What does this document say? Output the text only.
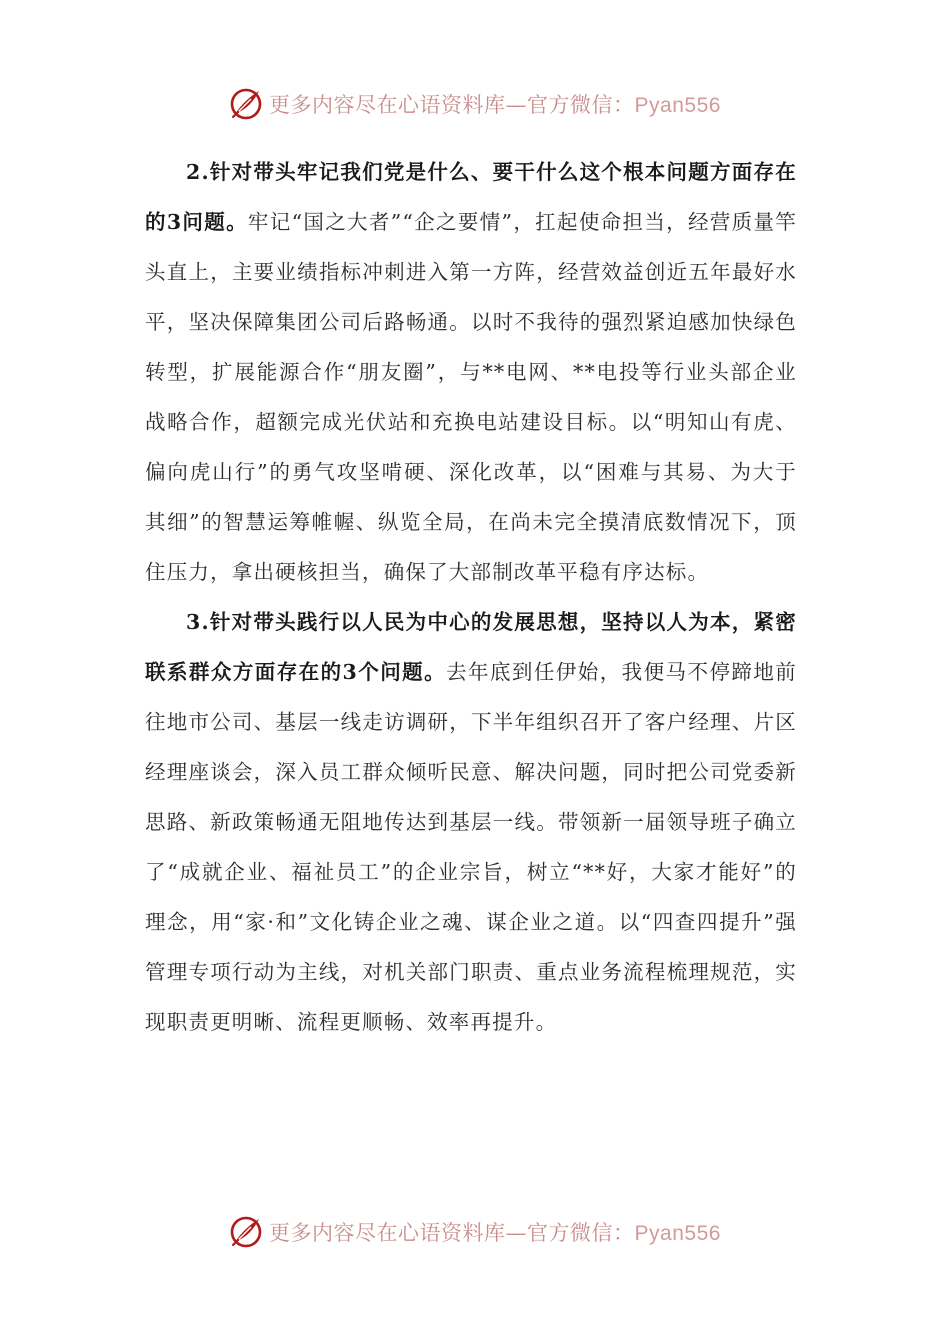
更多内容尽在心语资料库—官方微信：Pyan556

2.针对带头牢记我们党是什么、要干什么这个根本问题方面存在的3问题。牢记“国之大者”“企之要情”，扛起使命担当，经营质量竿头直上，主要业绩指标冲刺进入第一方阵，经营效益创近五年最好水平，坚决保障集团公司后路畅通。以时不我待的强烈紧迫感加快绿色转型，扩展能源合作“朋友圈”，与**电网、**电投等行业头部企业战略合作，超额完成光伏站和充换电站建设目标。以“明知山有虎、偏向虎山行”的勇气攻坚啃硬、深化改革，以“困难与其易、为大于其细”的智慧运筹帷幄、纵览全局，在尚未完全摸清底数情况下，顶住压力，拿出硬核担当，确保了大部制改革平稳有序达标。

3.针对带头践行以人民为中心的发展思想，坚持以人为本，紧密联系群众方面存在的3个问题。去年底到任伊始，我便马不停蹄地前往地市公司、基层一线走访调研，下半年组织召开了客户经理、片区经理座谈会，深入员工群众倾听民意、解决问题，同时把公司党委新思路、新政策畅通无阻地传达到基层一线。带领新一届领导班子确立了“成就企业、福祉员工”的企业宗旨，树立“**好，大家才能好”的理念，用“家·和”文化铸企业之魂、谋企业之道。以“四查四提升”强管理专项行动为主线，对机关部门职责、重点业务流程梳理规范，实现职责更明晰、流程更顺畅、效率再提升。

更多内容尽在心语资料库—官方微信：Pyan556
